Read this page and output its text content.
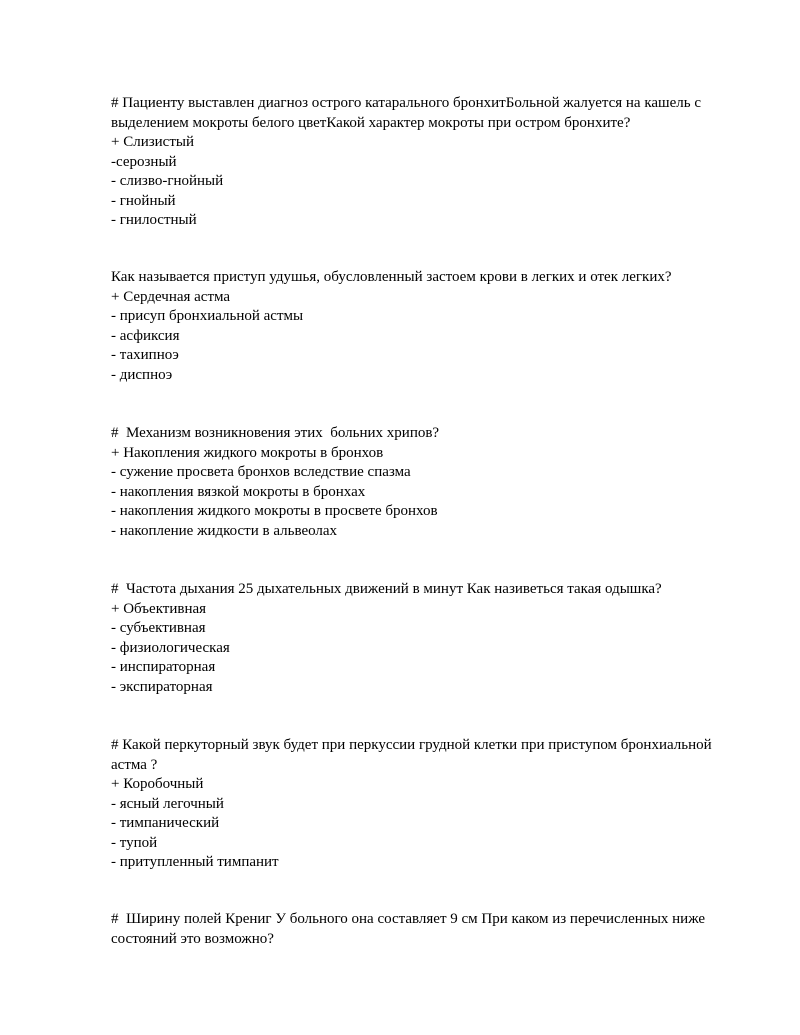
# Пациенту выставлен диагноз острого катарального бронхитБольной жалуется на кашель с выделением мокроты белого цветКакой характер мокроты при остром бронхите?
+ Слизистый
-серозный
- слизво-гнойный
- гнойный
- гнилостный
Как называется приступ удушья, обусловленный застоем крови в легких и отек легких?
+ Сердечная астма
- присуп бронхиальной астмы
- асфиксия
- тахипноэ
- диспноэ
#  Механизм возникновения этих  больних хрипов?
+ Накопления жидкого мокроты в бронхов
- сужение просвета бронхов вследствие спазма
- накопления вязкой мокроты в бронхах
- накопления жидкого мокроты в просвете бронхов
- накопление жидкости в альвеолах
#  Частота дыхания 25 дыхательных движений в минут Как називеться такая одышка?
+ Объективная
- субъективная
- физиологическая
- инспираторная
- экспираторная
# Какой перкуторный звук будет при перкуссии грудной клетки при приступом бронхиальной астма ?
+ Коробочный
- ясный легочный
- тимпанический
- тупой
- притупленный тимпанит
#  Ширину полей Крениг У больного она составляет 9 см При каком из перечисленных ниже состояний это возможно?
